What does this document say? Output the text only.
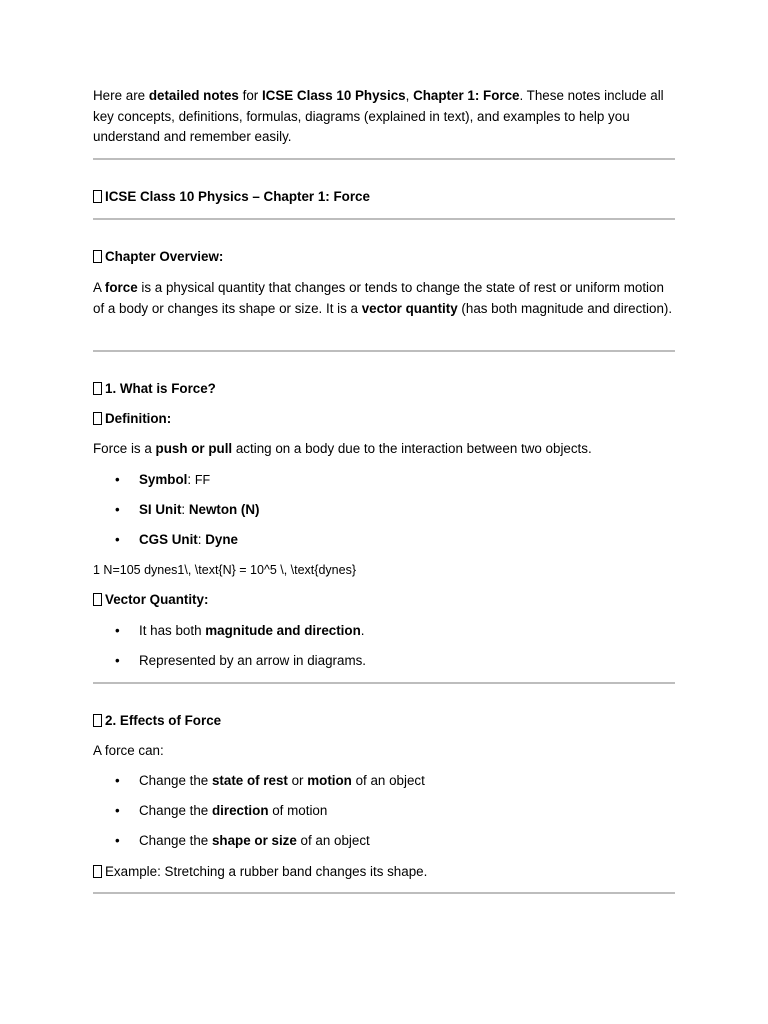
Here are detailed notes for ICSE Class 10 Physics, Chapter 1: Force. These notes include all key concepts, definitions, formulas, diagrams (explained in text), and examples to help you understand and remember easily.

ICSE Class 10 Physics – Chapter 1: Force
Chapter Overview:

A force is a physical quantity that changes or tends to change the state of rest or uniform motion of a body or changes its shape or size. It is a vector quantity (has both magnitude and direction).

1. What is Force?
Definition:

Force is a push or pull acting on a body due to the interaction between two objects.

• Symbol: FF
• SI Unit: Newton (N)
• CGS Unit: Dyne

1 N=105 dynes1\, \text{N} = 10^5 \, \text{dynes}

Vector Quantity:
• It has both magnitude and direction.
• Represented by an arrow in diagrams.
2. Effects of Force

A force can:

• Change the state of rest or motion of an object
• Change the direction of motion
• Change the shape or size of an object

Example: Stretching a rubber band changes its shape.
